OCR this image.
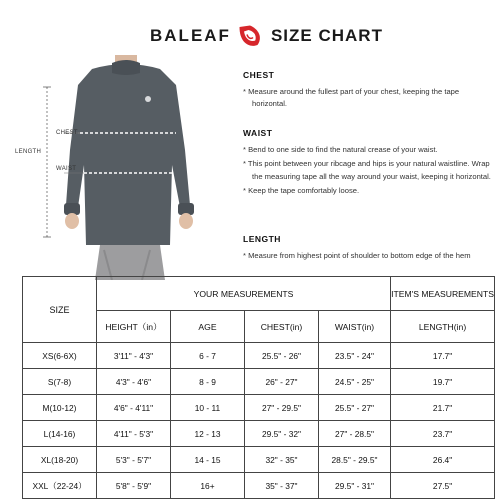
BALEAF SIZE CHART
LENGTH
CHEST
WAIST
CHEST
* Measure around the fullest part of your chest, keeping the tape horizontal.
WAIST
* Bend to one side to find the natural crease of your waist.
* This point between your ribcage and hips is your natural waistline. Wrap the measuring tape all the way around your waist, keeping it horizontal.
* Keep the tape comfortably loose.
LENGTH
* Measure from highest point of shoulder to bottom edge of the hem
SIZE	YOUR MEASUREMENTS				ITEM'S MEASUREMENTS
	HEIGHT（in）	AGE	CHEST(in)	WAIST(in)	LENGTH(in)
XS(6-6X)	3'11" - 4'3"	6 - 7	25.5" - 26"	23.5" - 24"	17.7"
S(7-8)	4'3" - 4'6"	8 - 9	26" - 27"	24.5" - 25"	19.7"
M(10-12)	4'6" - 4'11"	10 - 11	27" - 29.5"	25.5" - 27"	21.7"
L(14-16)	4'11" - 5'3"	12 - 13	29.5" - 32"	27" - 28.5"	23.7"
XL(18-20)	5'3" - 5'7"	14 - 15	32" - 35"	28.5" - 29.5"	26.4"
XXL（22-24）	5'8" - 5'9"	16+	35" - 37"	29.5" - 31"	27.5"
